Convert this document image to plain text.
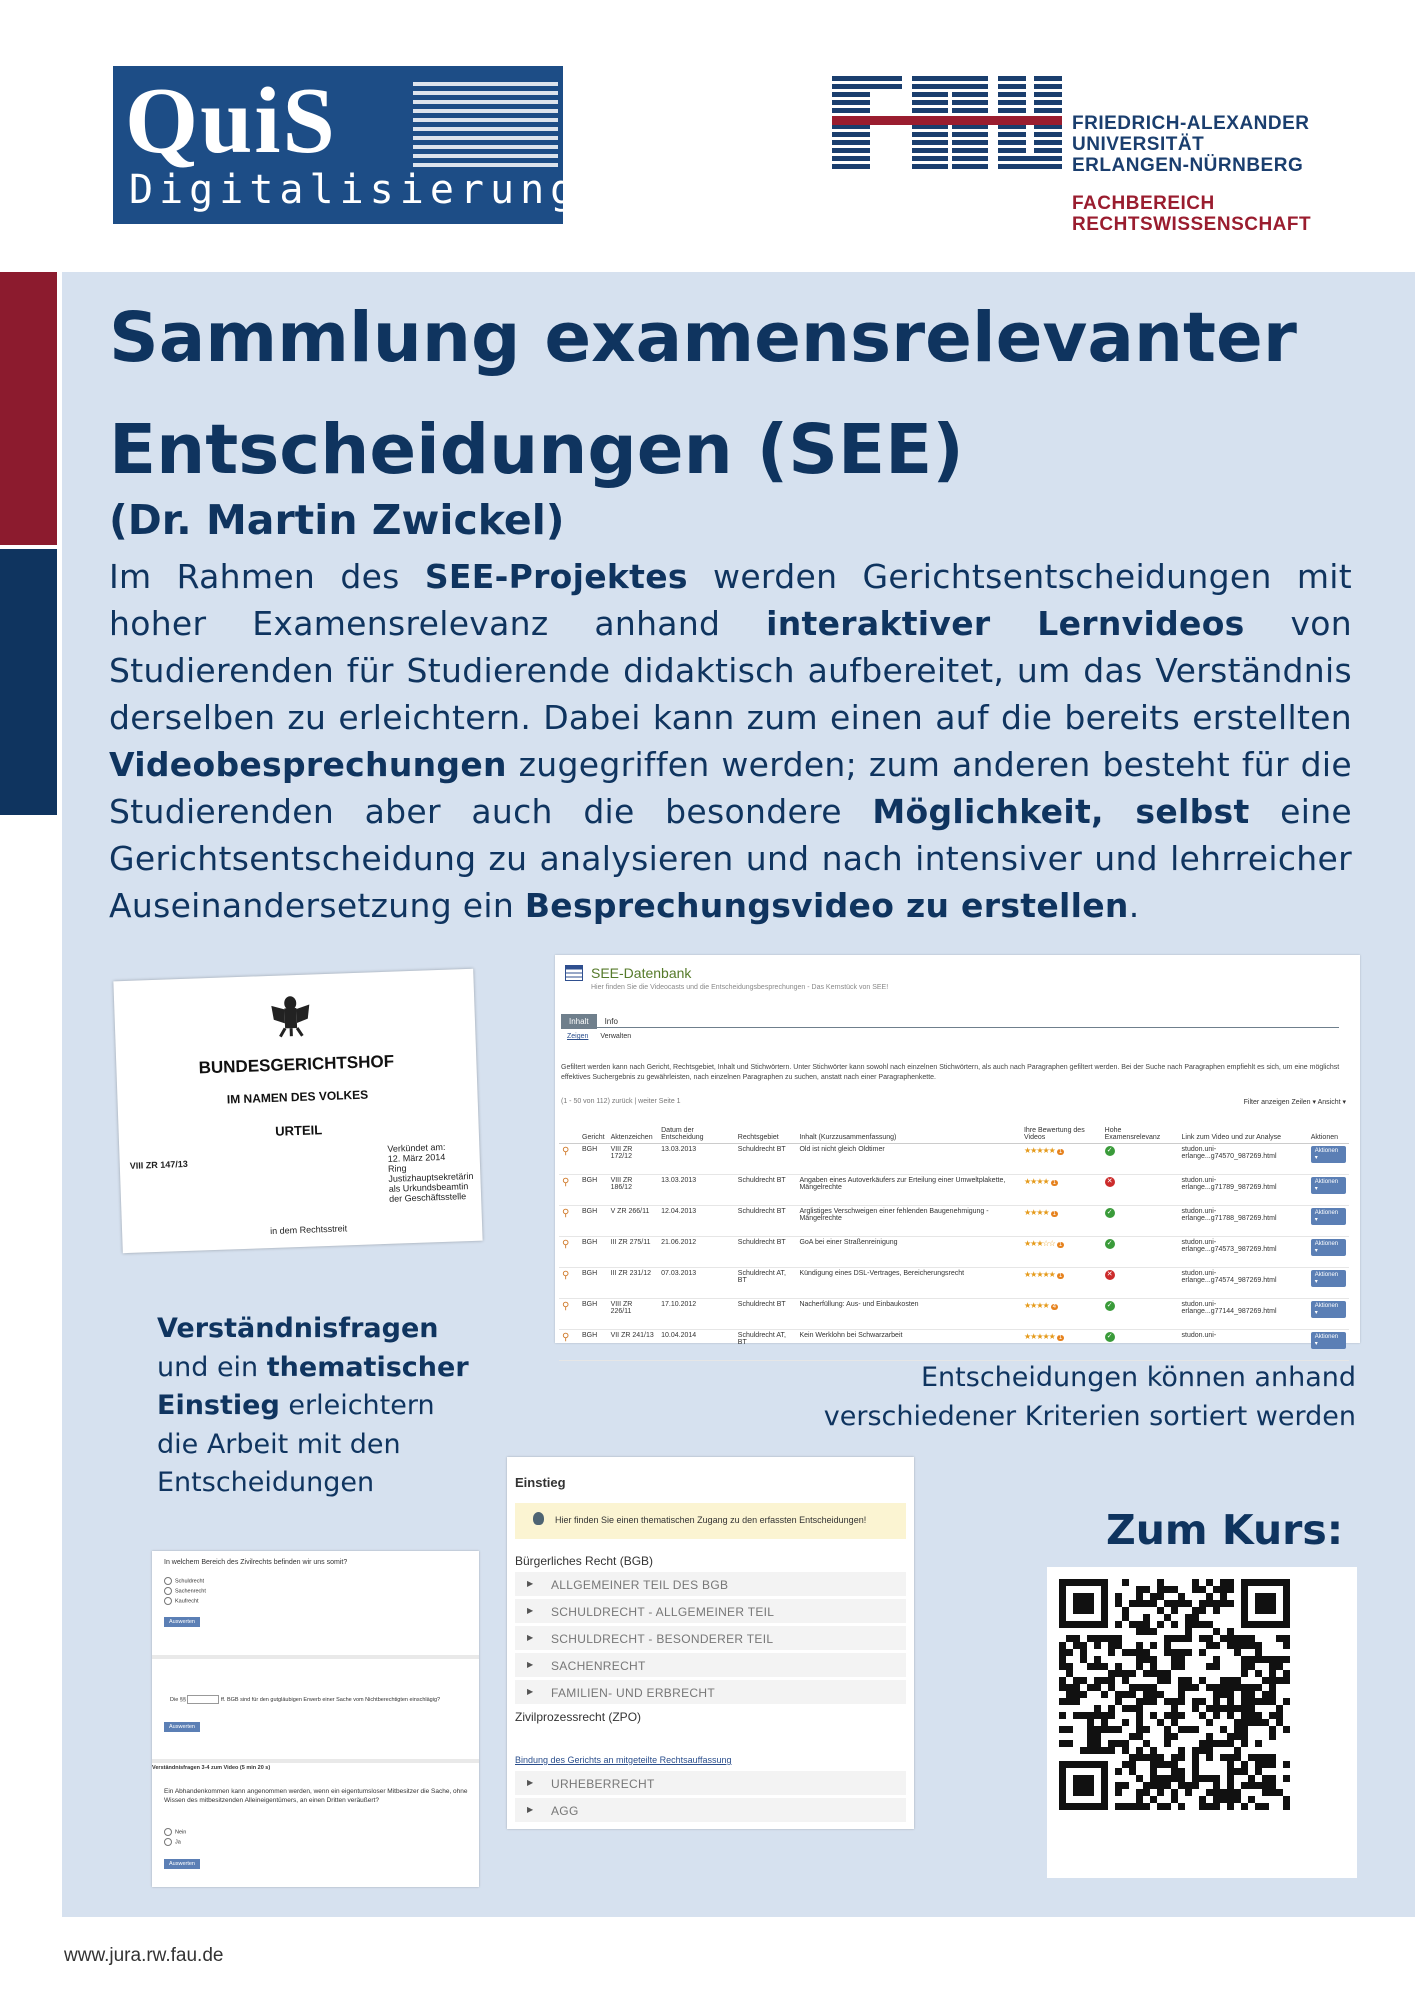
QuiS
Digitalisierung
FRIEDRICH-ALEXANDER
UNIVERSITÄT
ERLANGEN-NÜRNBERG
FACHBEREICH
RECHTSWISSENSCHAFT
Sammlung examensrelevanter
Entscheidungen (SEE)

(Dr. Martin Zwickel)

Im Rahmen des SEE-Projektes werden Gerichtsentscheidungen mit hoher Examensrelevanz anhand interaktiver Lernvideos von Studierenden für Studierende didaktisch aufbereitet, um das Verständnis derselben zu erleichtern. Dabei kann zum einen auf die bereits erstellten Videobesprechungen zugegriffen werden; zum anderen besteht für die Studierenden aber auch die besondere Möglichkeit, selbst eine Gerichtsentscheidung zu analysieren und nach intensiver und lehrreicher Auseinandersetzung ein Besprechungsvideo zu erstellen.

BUNDESGERICHTSHOF
IM NAMEN DES VOLKES
URTEIL
VIII ZR 147/13
Verkündet am:
12. März 2014
Ring
Justizhauptsekretärin
als Urkundsbeamtin
der Geschäftsstelle
in dem Rechtsstreit
SEE-Datenbank
Hier finden Sie die Videocasts und die Entscheidungsbesprechungen - Das Kernstück von SEE!
Inhalt Info
Zeigen Verwalten
Gefiltert werden kann nach Gericht, Rechtsgebiet, Inhalt und Stichwörtern. Unter Stichwörter kann sowohl nach einzelnen Stichwörtern, als auch nach Paragraphen gefiltert werden. Bei der Suche nach Paragraphen empfiehlt es sich, um eine möglichst effektives Suchergebnis zu gewährleisten, nach einzelnen Paragraphen zu suchen, anstatt nach einer Paragraphenkette.
(1 - 50 von 112) zurück | weiter Seite 1	Filter anzeigen Zeilen ▾ Ansicht ▾
	Gericht	Aktenzeichen	Datum der Entscheidung	Rechtsgebiet	Inhalt (Kurzzusammenfassung)	Ihre Bewertung des Videos	Hohe Examensrelevanz	Link zum Video und zur Analyse	Aktionen
⚲	BGH	VIII ZR 172/12	13.03.2013	Schuldrecht BT	Old ist nicht gleich Oldtimer	★★★★★ 1	✓	studon.uni-erlange...g74570_987269.html	Aktionen ▾
⚲	BGH	VIII ZR 186/12	13.03.2013	Schuldrecht BT	Angaben eines Autoverkäufers zur Erteilung einer Umweltplakette, Mängelrechte	★★★★ 1	✕	studon.uni-erlange...g71789_987269.html	Aktionen ▾
⚲	BGH	V ZR 266/11	12.04.2013	Schuldrecht BT	Arglistiges Verschweigen einer fehlenden Baugenehmigung - Mängelrechte	★★★★ 1	✓	studon.uni-erlange...g71788_987269.html	Aktionen ▾
⚲	BGH	III ZR 275/11	21.06.2012	Schuldrecht BT	GoA bei einer Straßenreinigung	★★★☆☆ 1	✓	studon.uni-erlange...g74573_987269.html	Aktionen ▾
⚲	BGH	III ZR 231/12	07.03.2013	Schuldrecht AT, BT	Kündigung eines DSL-Vertrages, Bereicherungsrecht	★★★★★ 1	✕	studon.uni-erlange...g74574_987269.html	Aktionen ▾
⚲	BGH	VIII ZR 226/11	17.10.2012	Schuldrecht BT	Nacherfüllung: Aus- und Einbaukosten	★★★★ 4	✓	studon.uni-erlange...g77144_987269.html	Aktionen ▾
⚲	BGH	VII ZR 241/13	10.04.2014	Schuldrecht AT, BT	Kein Werklohn bei Schwarzarbeit	★★★★★ 1	✓	studon.uni-	Aktionen ▾

Verständnisfragen
und ein thematischer
Einstieg erleichtern
die Arbeit mit den
Entscheidungen

Entscheidungen können anhand
verschiedener Kriterien sortiert werden

Einstieg
Hier finden Sie einen thematischen Zugang zu den erfassten Entscheidungen!
Bürgerliches Recht (BGB)
▶ ALLGEMEINER TEIL DES BGB
▶ SCHULDRECHT - ALLGEMEINER TEIL
▶ SCHULDRECHT - BESONDERER TEIL
▶ SACHENRECHT
▶ FAMILIEN- UND ERBRECHT
Zivilprozessrecht (ZPO)
Bindung des Gerichts an mitgeteilte Rechtsauffassung
▶ URHEBERRECHT
▶ AGG
In welchem Bereich des Zivilrechts befinden wir uns somit?
Schuldrecht
Sachenrecht
Kaufrecht
Auswerten
Die §§	ff. BGB sind für den gutgläubigen Erwerb einer Sache vom Nichtberechtigten einschlägig?
Auswerten
Verständnisfragen 3-4 zum Video (5 min 20 s)
Ein Abhandenkommen kann angenommen werden, wenn ein eigentumsloser Mitbesitzer die Sache, ohne Wissen des mitbesitzenden Alleineigentümers, an einen Dritten veräußert?
Nein
Ja
Auswerten

Zum Kurs:

www.jura.rw.fau.de
